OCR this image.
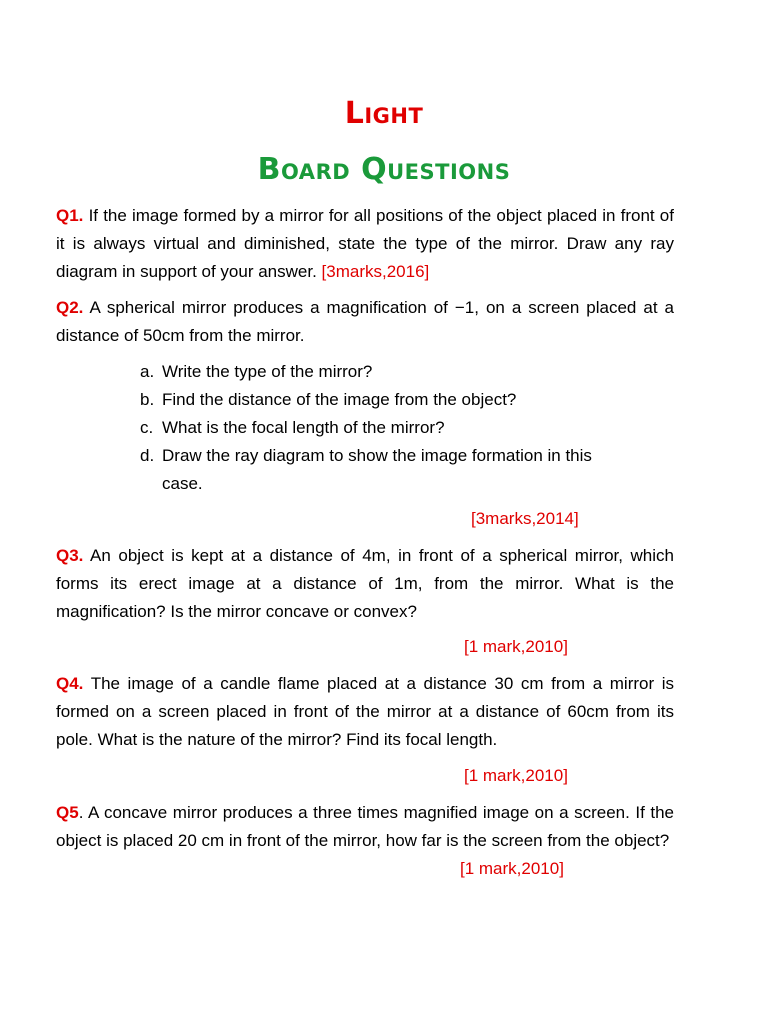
Light
Board Questions
Q1. If the image formed by a mirror for all positions of the object placed in front of it is always virtual and diminished, state the type of the mirror. Draw any ray diagram in support of your answer. [3marks,2016]
Q2. A spherical mirror produces a magnification of −1, on a screen placed at a distance of 50cm from the mirror.
a. Write the type of the mirror?
b. Find the distance of the image from the object?
c. What is the focal length of the mirror?
d. Draw the ray diagram to show the image formation in this
case.
[3marks,2014]
Q3. An object is kept at a distance of 4m, in front of a spherical mirror, which forms its erect image at a distance of 1m, from the mirror. What is the magnification? Is the mirror concave or convex?
[1 mark,2010]
Q4. The image of a candle flame placed at a distance 30 cm from a mirror is formed on a screen placed in front of the mirror at a distance of 60cm from its pole. What is the nature of the mirror? Find its focal length.
[1 mark,2010]
Q5. A concave mirror produces a three times magnified image on a screen. If the object is placed 20 cm in front of the mirror, how far is the screen from the object?
[1 mark,2010]
